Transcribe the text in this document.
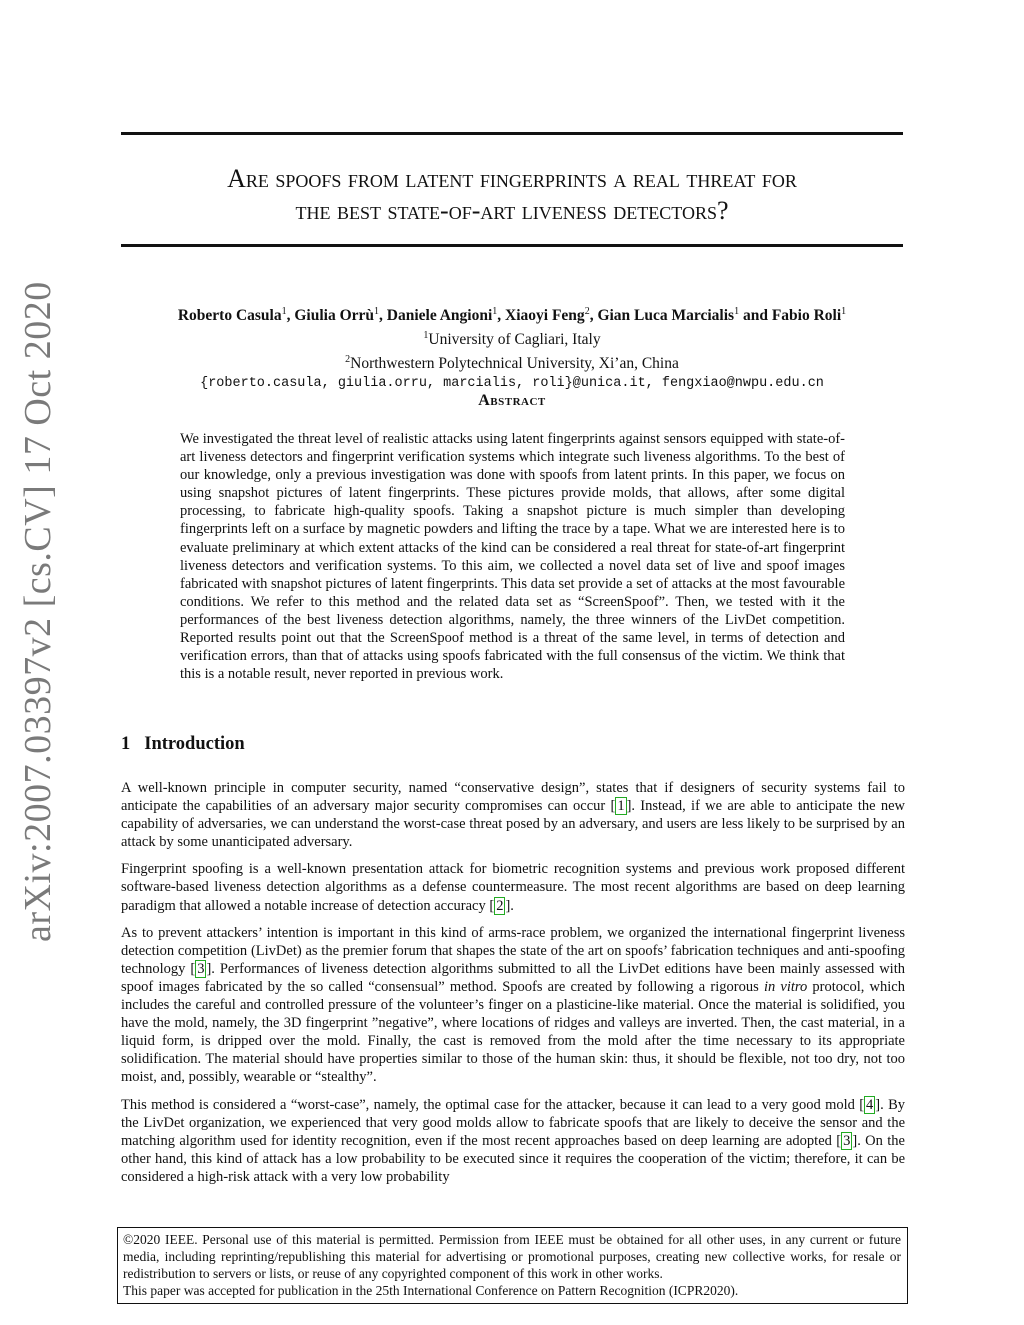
arXiv:2007.03397v2 [cs.CV] 17 Oct 2020
Are spoofs from latent fingerprints a real threat for
the best state-of-art liveness detectors?
Roberto Casula$^1$, Giulia Orrù$^1$, Daniele Angioni$^1$, Xiaoyi Feng$^2$, Gian Luca Marcialis$^1$ and Fabio Roli$^1$
$^1$University of Cagliari, Italy
$^2$Northwestern Polytechnical University, Xi’an, China
{roberto.casula, giulia.orru, marcialis, roli}@unica.it, fengxiao@nwpu.edu.cn
Abstract
We investigated the threat level of realistic attacks using latent fingerprints against sensors equipped with state-of-art liveness detectors and fingerprint verification systems which integrate such liveness algorithms. To the best of our knowledge, only a previous investigation was done with spoofs from latent prints. In this paper, we focus on using snapshot pictures of latent fingerprints. These pictures provide molds, that allows, after some digital processing, to fabricate high-quality spoofs. Taking a snapshot picture is much simpler than developing fingerprints left on a surface by magnetic powders and lifting the trace by a tape. What we are interested here is to evaluate preliminary at which extent attacks of the kind can be considered a real threat for state-of-art fingerprint liveness detectors and verification systems. To this aim, we collected a novel data set of live and spoof images fabricated with snapshot pictures of latent fingerprints. This data set provide a set of attacks at the most favourable conditions. We refer to this method and the related data set as “ScreenSpoof”. Then, we tested with it the performances of the best liveness detection algorithms, namely, the three winners of the LivDet competition. Reported results point out that the ScreenSpoof method is a threat of the same level, in terms of detection and verification errors, than that of attacks using spoofs fabricated with the full consensus of the victim. We think that this is a notable result, never reported in previous work.
1 Introduction

A well-known principle in computer security, named “conservative design”, states that if designers of security systems fail to anticipate the capabilities of an adversary major security compromises can occur [ 1 ]. Instead, if we are able to anticipate the new capability of adversaries, we can understand the worst-case threat posed by an adversary, and users are less likely to be surprised by an attack by some unanticipated adversary.

Fingerprint spoofing is a well-known presentation attack for biometric recognition systems and previous work proposed different software-based liveness detection algorithms as a defense countermeasure. The most recent algorithms are based on deep learning paradigm that allowed a notable increase of detection accuracy [ 2 ].

As to prevent attackers’ intention is important in this kind of arms-race problem, we organized the international fingerprint liveness detection competition (LivDet) as the premier forum that shapes the state of the art on spoofs’ fabrication techniques and anti-spoofing technology [ 3 ]. Performances of liveness detection algorithms submitted to all the LivDet editions have been mainly assessed with spoof images fabricated by the so called “consensual” method. Spoofs are created by following a rigorous in vitro protocol, which includes the careful and controlled pressure of the volunteer’s finger on a plasticine-like material. Once the material is solidified, you have the mold, namely, the 3D fingerprint ”negative”, where locations of ridges and valleys are inverted. Then, the cast material, in a liquid form, is dripped over the mold. Finally, the cast is removed from the mold after the time necessary to its appropriate solidification. The material should have properties similar to those of the human skin: thus, it should be flexible, not too dry, not too moist, and, possibly, wearable or “stealthy”.

This method is considered a “worst-case”, namely, the optimal case for the attacker, because it can lead to a very good mold [ 4 ]. By the LivDet organization, we experienced that very good molds allow to fabricate spoofs that are likely to deceive the sensor and the matching algorithm used for identity recognition, even if the most recent approaches based on deep learning are adopted [ 3 ]. On the other hand, this kind of attack has a low probability to be executed since it requires the cooperation of the victim; therefore, it can be considered a high-risk attack with a very low probability

©2020 IEEE. Personal use of this material is permitted. Permission from IEEE must be obtained for all other uses, in any current or future media, including reprinting/republishing this material for advertising or promotional purposes, creating new collective works, for resale or redistribution to servers or lists, or reuse of any copyrighted component of this work in other works.

This paper was accepted for publication in the 25th International Conference on Pattern Recognition (ICPR2020).
